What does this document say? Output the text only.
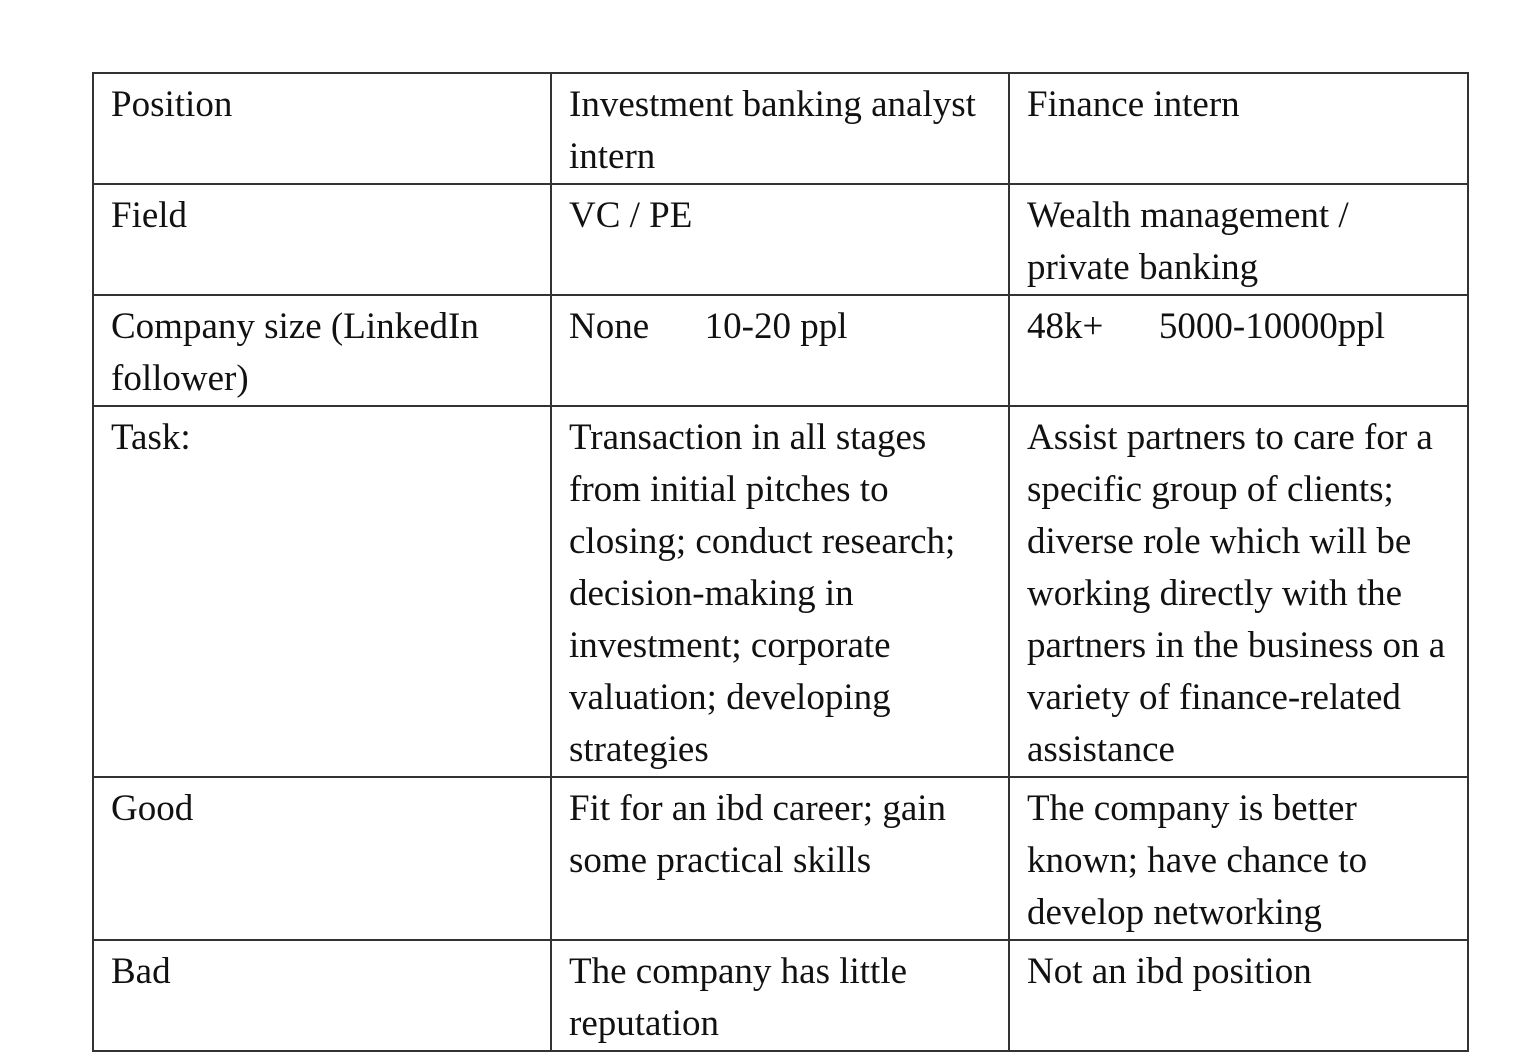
Position	Investment banking analyst intern	Finance intern

Field	VC / PE	Wealth management / private banking

Company size (LinkedIn follower)	None      10-20 ppl	48k+      5000-10000ppl

Task:	Transaction in all stages from initial pitches to closing; conduct research; decision-making in investment; corporate valuation; developing strategies	Assist partners to care for a specific group of clients; diverse role which will be working directly with the partners in the business on a variety of finance-related assistance

Good	Fit for an ibd career; gain some practical skills	The company is better known; have chance to develop networking

Bad	The company has little reputation	Not an ibd position
